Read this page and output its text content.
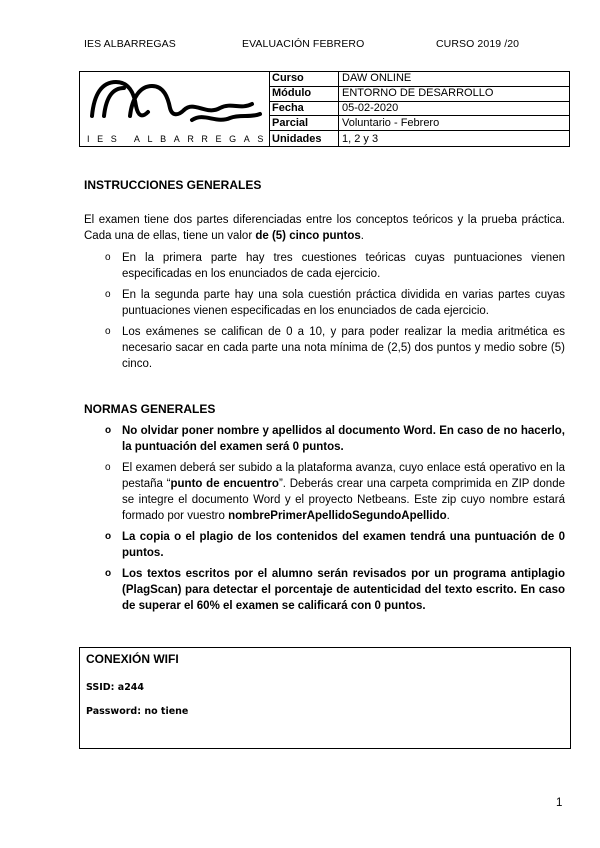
IES ALBARREGAS	EVALUACIÓN FEBRERO	CURSO 2019 /20
IES ALBARREGAS
Curso	DAW ONLINE
Módulo	ENTORNO DE DESARROLLO
Fecha	05-02-2020
Parcial	Voluntario - Febrero
Unidades	1, 2 y 3
INSTRUCCIONES GENERALES

El examen tiene dos partes diferenciadas entre los conceptos teóricos y la prueba práctica. Cada una de ellas, tiene un valor de (5) cinco puntos.

o En la primera parte hay tres cuestiones teóricas cuyas puntuaciones vienen especificadas en los enunciados de cada ejercicio.
o En la segunda parte hay una sola cuestión práctica dividida en varias partes cuyas puntuaciones vienen especificadas en los enunciados de cada ejercicio.
o Los exámenes se califican de 0 a 10, y para poder realizar la media aritmética es necesario sacar en cada parte una nota mínima de (2,5) dos puntos y medio sobre (5) cinco.
NORMAS GENERALES
o No olvidar poner nombre y apellidos al documento Word. En caso de no hacerlo, la puntuación del examen será 0 puntos.
o El examen deberá ser subido a la plataforma avanza, cuyo enlace está operativo en la pestaña “punto de encuentro”. Deberás crear una carpeta comprimida en ZIP donde se integre el documento Word y el proyecto Netbeans. Este zip cuyo nombre estará formado por vuestro nombrePrimerApellidoSegundoApellido.
o La copia o el plagio de los contenidos del examen tendrá una puntuación de 0 puntos.
o Los textos escritos por el alumno serán revisados por un programa antiplagio (PlagScan) para detectar el porcentaje de autenticidad del texto escrito. En caso de superar el 60% el examen se calificará con 0 puntos.
CONEXIÓN WIFI
SSID: a244
Password: no tiene
1
